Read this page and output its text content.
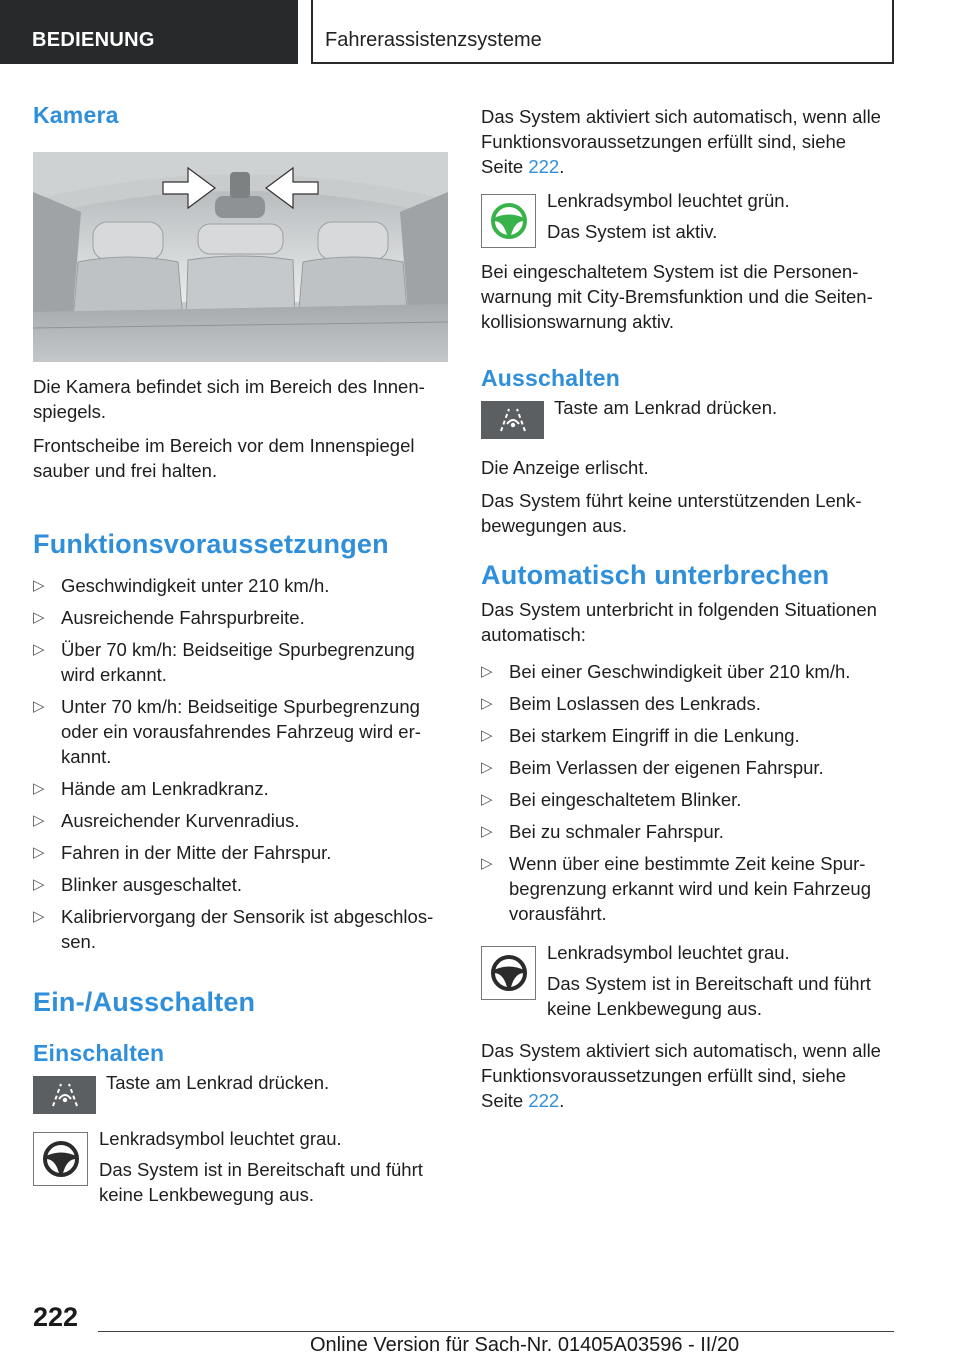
BEDIENUNG	Fahrerassistenzsysteme
Kamera

Die Kamera befindet sich im Bereich des Innen-spiegels.

Frontscheibe im Bereich vor dem Innenspiegel sauber und frei halten.

Funktionsvoraussetzungen
▷ Geschwindigkeit unter 210 km/h.
▷ Ausreichende Fahrspurbreite.
▷ Über 70 km/h: Beidseitige Spurbegrenzung wird erkannt.
▷ Unter 70 km/h: Beidseitige Spurbegrenzung oder ein vorausfahrendes Fahrzeug wird er-kannt.
▷ Hände am Lenkradkranz.
▷ Ausreichender Kurvenradius.
▷ Fahren in der Mitte der Fahrspur.
▷ Blinker ausgeschaltet.
▷ Kalibriervorgang der Sensorik ist abgeschlos-sen.
Ein-/Ausschalten
Einschalten
Taste am Lenkrad drücken.
Lenkradsymbol leuchtet grau.
Das System ist in Bereitschaft und führt keine Lenkbewegung aus.

Das System aktiviert sich automatisch, wenn alle Funktionsvoraussetzungen erfüllt sind, siehe
Seite 222.

Lenkradsymbol leuchtet grün.
Das System ist aktiv.

Bei eingeschaltetem System ist die Personen-warnung mit City-Bremsfunktion und die Seiten-kollisionswarnung aktiv.

Ausschalten
Taste am Lenkrad drücken.

Die Anzeige erlischt.

Das System führt keine unterstützenden Lenk-bewegungen aus.

Automatisch unterbrechen

Das System unterbricht in folgenden Situationen automatisch:

▷ Bei einer Geschwindigkeit über 210 km/h.
▷ Beim Loslassen des Lenkrads.
▷ Bei starkem Eingriff in die Lenkung.
▷ Beim Verlassen der eigenen Fahrspur.
▷ Bei eingeschaltetem Blinker.
▷ Bei zu schmaler Fahrspur.
▷ Wenn über eine bestimmte Zeit keine Spur-begrenzung erkannt wird und kein Fahrzeug vorausfährt.
Lenkradsymbol leuchtet grau.
Das System ist in Bereitschaft und führt keine Lenkbewegung aus.

Das System aktiviert sich automatisch, wenn alle Funktionsvoraussetzungen erfüllt sind, siehe
Seite 222.

222
Online Version für Sach-Nr. 01405A03596 - II/20
